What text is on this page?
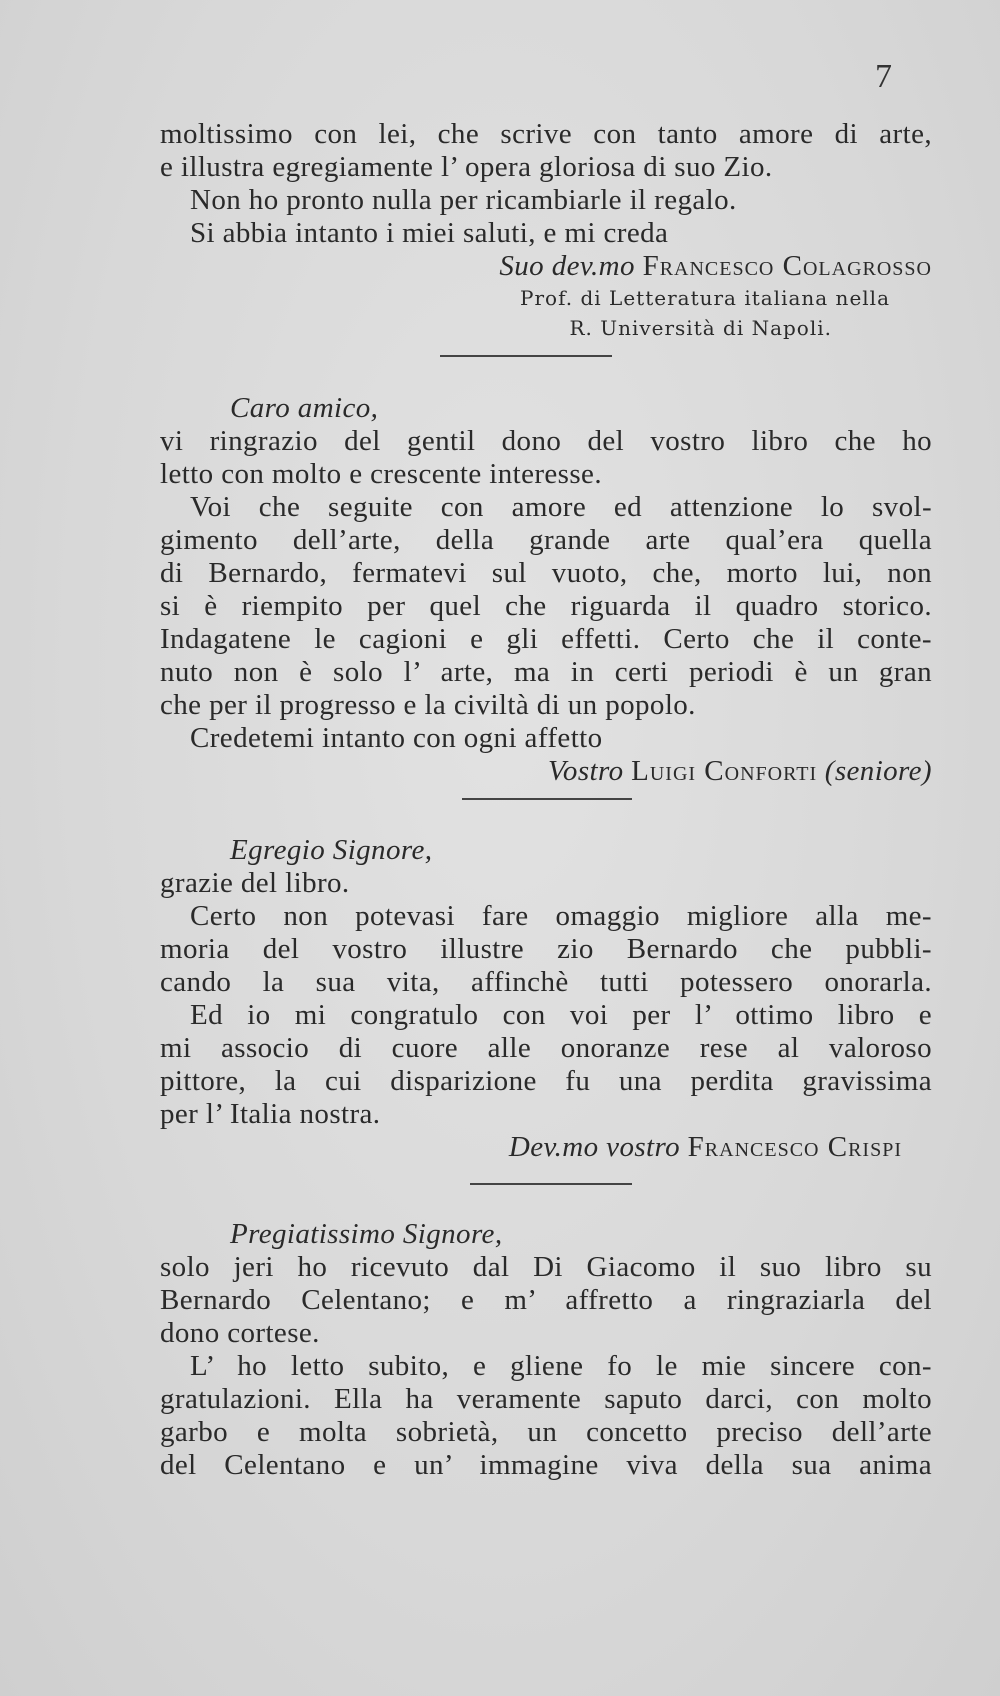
7
moltissimo con lei, che scrive con tanto amore di arte,
e illustra egregiamente l’ opera gloriosa di suo Zio.
Non ho pronto nulla per ricambiarle il regalo.
Si abbia intanto i miei saluti, e mi creda
Suo dev.mo Francesco Colagrosso
Prof. di Letteratura italiana nella
R. Università di Napoli.
Caro amico,
vi ringrazio del gentil dono del vostro libro che ho
letto con molto e crescente interesse.
Voi che seguite con amore ed attenzione lo svol-
gimento dell’arte, della grande arte qual’era quella
di Bernardo, fermatevi sul vuoto, che, morto lui, non
si è riempito per quel che riguarda il quadro storico.
Indagatene le cagioni e gli effetti. Certo che il conte-
nuto non è solo l’ arte, ma in certi periodi è un gran
che per il progresso e la civiltà di un popolo.
Credetemi intanto con ogni affetto
Vostro Luigi Conforti (seniore)
Egregio Signore,
grazie del libro.
Certo non potevasi fare omaggio migliore alla me-
moria del vostro illustre zio Bernardo che pubbli-
cando la sua vita, affinchè tutti potessero onorarla.
Ed io mi congratulo con voi per l’ ottimo libro e
mi associo di cuore alle onoranze rese al valoroso
pittore, la cui disparizione fu una perdita gravissima
per l’ Italia nostra.
Dev.mo vostro Francesco Crispi
Pregiatissimo Signore,
solo jeri ho ricevuto dal Di Giacomo il suo libro su
Bernardo Celentano; e m’ affretto a ringraziarla del
dono cortese.
L’ ho letto subito, e gliene fo le mie sincere con-
gratulazioni. Ella ha veramente saputo darci, con molto
garbo e molta sobrietà, un concetto preciso dell’arte
del Celentano e un’ immagine viva della sua anima
